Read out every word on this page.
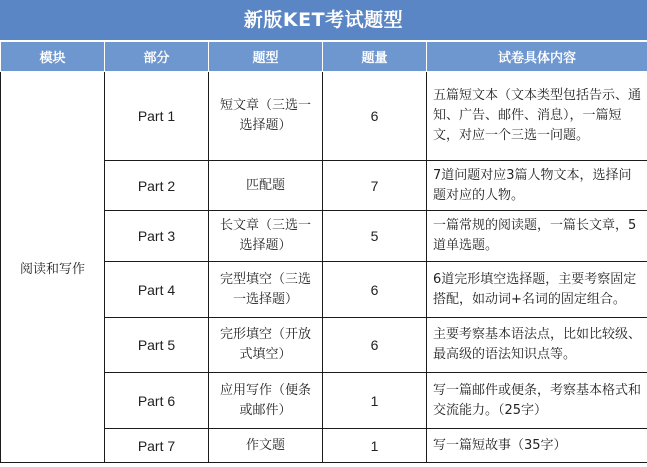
新版KET考试题型
模块	部分	题型	题量	试卷具体内容
阅读和写作	Part 1	短文章（三选一选择题）	6	五篇短文本（文本类型包括告示、通知、广告、邮件、消息），一篇短文，对应一个三选一问题。
	Part 2	匹配题	7	7道问题对应3篇人物文本，选择问题对应的人物。
	Part 3	长文章（三选一选择题）	5	一篇常规的阅读题，一篇长文章，5道单选题。
	Part 4	完型填空（三选一选择题）	6	6道完形填空选择题，主要考察固定搭配，如动词+名词的固定组合。
	Part 5	完形填空（开放式填空）	6	主要考察基本语法点，比如比较级、最高级的语法知识点等。
	Part 6	应用写作（便条或邮件）	1	写一篇邮件或便条，考察基本格式和交流能力。（25字）
	Part 7	作文题	1	写一篇短故事（35字）
